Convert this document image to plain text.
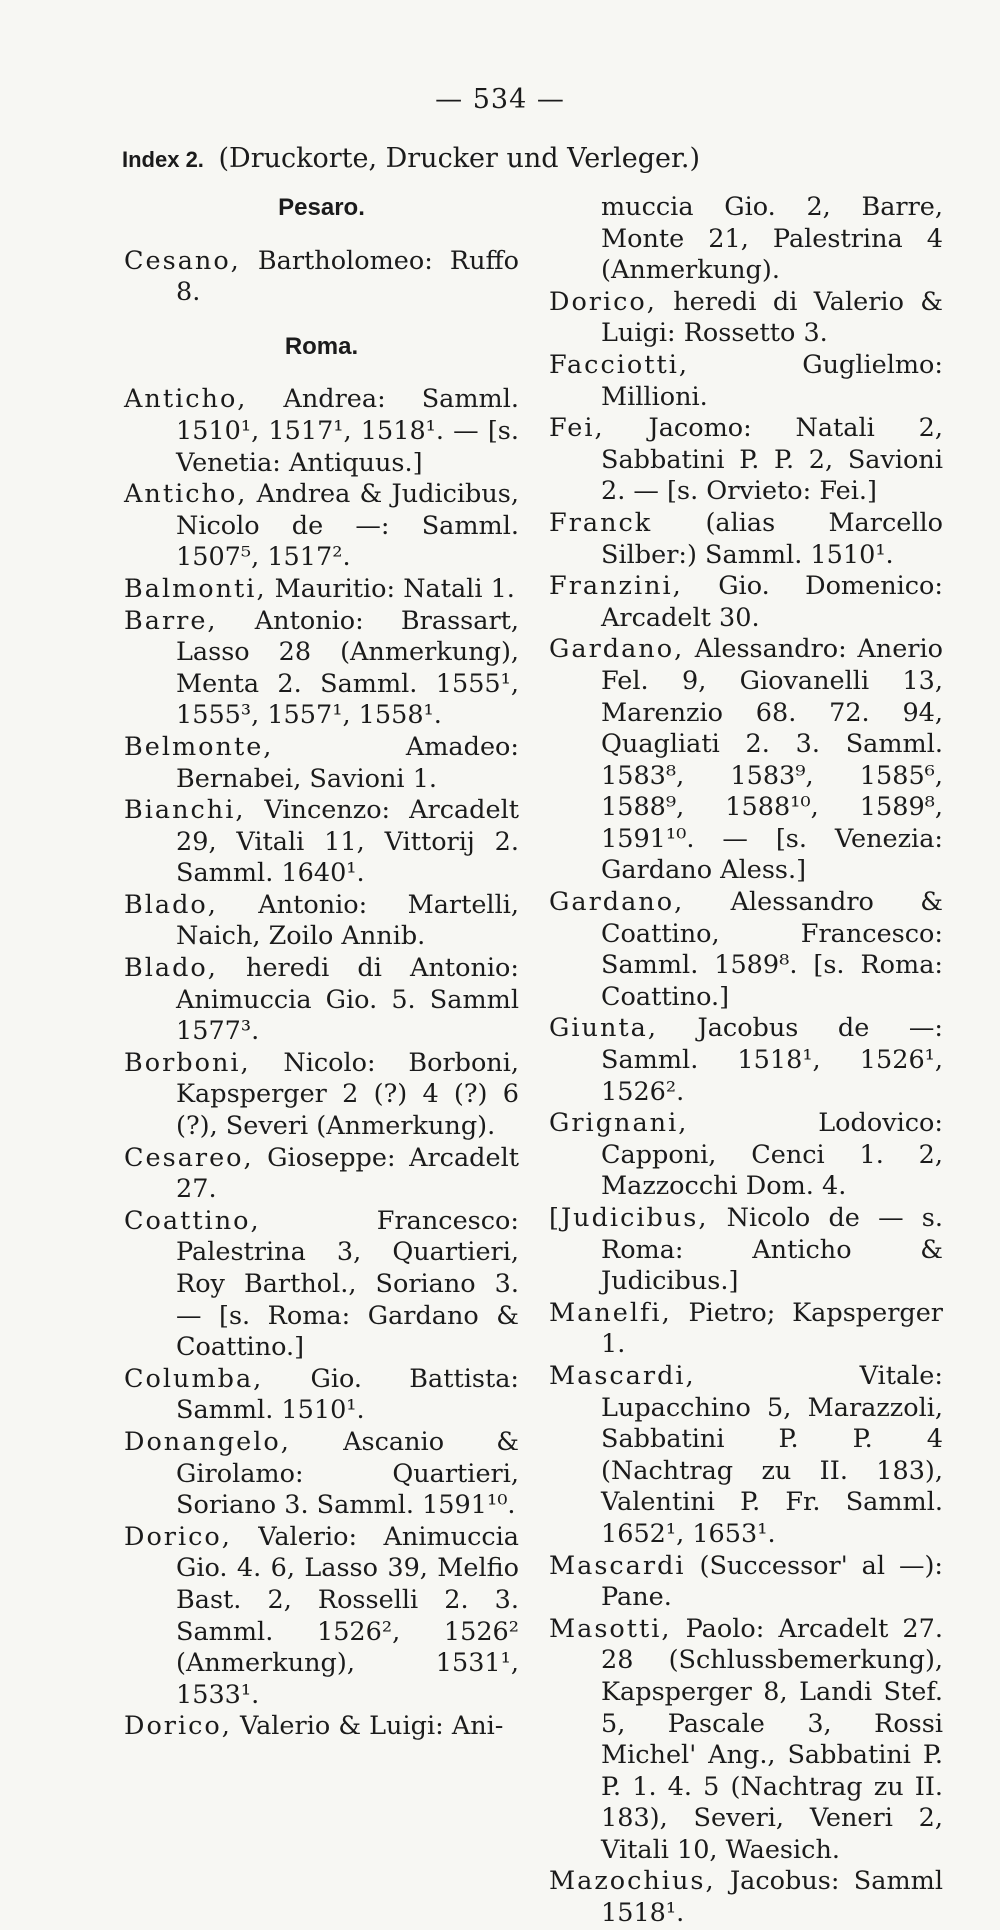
— 534 —
Index 2. (Druckorte, Drucker und Verleger.)
Pesaro.
Cesano, Bartholomeo: Ruffo 8.
Roma.
Anticho, Andrea: Samml. 1510¹, 1517¹, 1518¹. — [s. Venetia: Antiquus.]
Anticho, Andrea & Judicibus, Nicolo de —: Samml. 1507⁵, 1517².
Balmonti, Mauritio: Natali 1.
Barre, Antonio: Brassart, Lasso 28 (Anmerkung), Menta 2. Samml. 1555¹, 1555³, 1557¹, 1558¹.
Belmonte, Amadeo: Bernabei, Savioni 1.
Bianchi, Vincenzo: Arcadelt 29, Vitali 11, Vittorij 2. Samml. 1640¹.
Blado, Antonio: Martelli, Naich, Zoilo Annib.
Blado, heredi di Antonio: Animuccia Gio. 5. Samml 1577³.
Borboni, Nicolo: Borboni, Kapsperger 2 (?) 4 (?) 6 (?), Severi (Anmerkung).
Cesareo, Gioseppe: Arcadelt 27.
Coattino, Francesco: Palestrina 3, Quartieri, Roy Barthol., Soriano 3. — [s. Roma: Gardano & Coattino.]
Columba, Gio. Battista: Samml. 1510¹.
Donangelo, Ascanio & Girolamo: Quartieri, Soriano 3. Samml. 1591¹⁰.
Dorico, Valerio: Animuccia Gio. 4. 6, Lasso 39, Melfio Bast. 2, Rosselli 2. 3. Samml. 1526², 1526² (Anmerkung), 1531¹, 1533¹.
Dorico, Valerio & Luigi: Ani-
muccia Gio. 2, Barre, Monte 21, Palestrina 4 (Anmerkung).
Dorico, heredi di Valerio & Luigi: Rossetto 3.
Facciotti, Guglielmo: Millioni.
Fei, Jacomo: Natali 2, Sabbatini P. P. 2, Savioni 2. — [s. Orvieto: Fei.]
Franck (alias Marcello Silber:) Samml. 1510¹.
Franzini, Gio. Domenico: Arcadelt 30.
Gardano, Alessandro: Anerio Fel. 9, Giovanelli 13, Marenzio 68. 72. 94, Quagliati 2. 3. Samml. 1583⁸, 1583⁹, 1585⁶, 1588⁹, 1588¹⁰, 1589⁸, 1591¹⁰. — [s. Venezia: Gardano Aless.]
Gardano, Alessandro & Coattino, Francesco: Samml. 1589⁸. [s. Roma: Coattino.]
Giunta, Jacobus de —: Samml. 1518¹, 1526¹, 1526².
Grignani, Lodovico: Capponi, Cenci 1. 2, Mazzocchi Dom. 4.
[Judicibus, Nicolo de — s. Roma: Anticho & Judicibus.]
Manelfi, Pietro; Kapsperger 1.
Mascardi, Vitale: Lupacchino 5, Marazzoli, Sabbatini P. P. 4 (Nachtrag zu II. 183), Valentini P. Fr. Samml. 1652¹, 1653¹.
Mascardi (Successor' al —): Pane.
Masotti, Paolo: Arcadelt 27. 28 (Schlussbemerkung), Kapsperger 8, Landi Stef. 5, Pascale 3, Rossi Michel' Ang., Sabbatini P. P. 1. 4. 5 (Nachtrag zu II. 183), Severi, Veneri 2, Vitali 10, Waesich.
Mazochius, Jacobus: Samml 1518¹.
